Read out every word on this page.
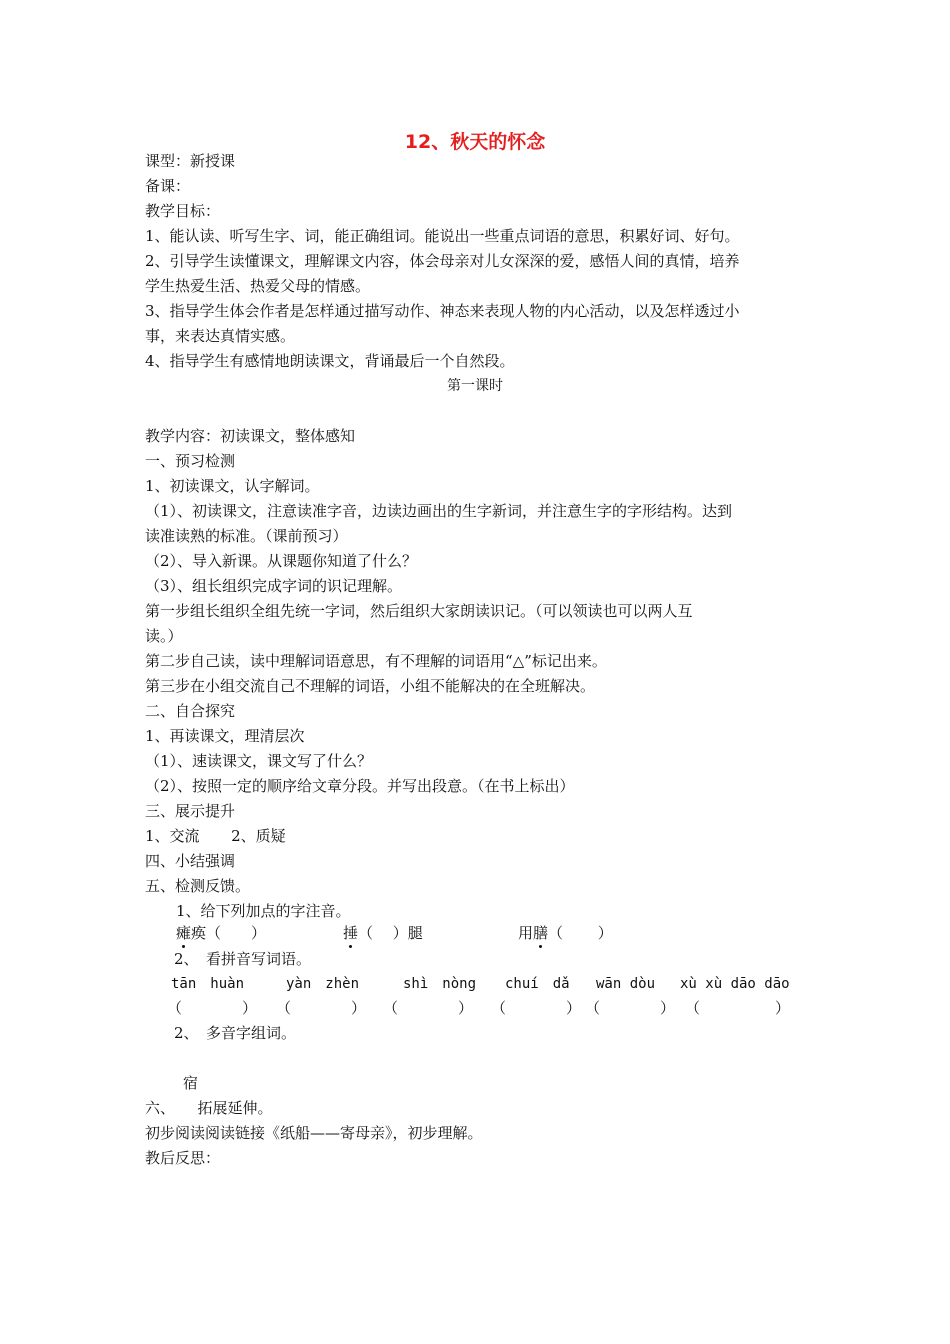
12、秋天的怀念
课型：新授课
备课：
教学目标：
1、能认读、听写生字、词，能正确组词。能说出一些重点词语的意思，积累好词、好句。
2、引导学生读懂课文，理解课文内容，体会母亲对儿女深深的爱，感悟人间的真情，培养
学生热爱生活、热爱父母的情感。
3、指导学生体会作者是怎样通过描写动作、神态来表现人物的内心活动，以及怎样透过小
事，来表达真情实感。
4、指导学生有感情地朗读课文，背诵最后一个自然段。
第一课时
教学内容：初读课文，整体感知
一、预习检测
1、初读课文，认字解词。
（1）、初读课文，注意读准字音，边读边画出的生字新词，并注意生字的字形结构。达到
读准读熟的标准。（课前预习）
（2）、导入新课。从课题你知道了什么？
（3）、组长组织完成字词的识记理解。
第一步组长组织全组先统一字词，然后组织大家朗读识记。（可以领读也可以两人互
读。）
第二步自己读，读中理解词语意思，有不理解的词语用“△”标记出来。
第三步在小组交流自己不理解的词语，小组不能解决的在全班解决。
二、自合探究
1、再读课文，理清层次
（1）、速读课文，课文写了什么？
（2）、按照一定的顺序给文章分段。并写出段意。（在书上标出）
三、展示提升
1、交流 2、质疑
四、小结强调
五、检测反馈。
1、给下列加点的字注音。
瘫痪（　　）	捶（　 ）腿	用膳（　　 ）
2、　看拼音写词语。
tān　huàn	yàn　zhèn	shì　nòng chuí　dǎ wān dòu xù xù dāo dāo
（　　　　） （　　　　） （　　　　） （　　　　） （　　　　） （　　　　　）
2、　多音字组词。
宿
六、　　拓展延伸。
初步阅读阅读链接《纸船——寄母亲》，初步理解。
教后反思：
